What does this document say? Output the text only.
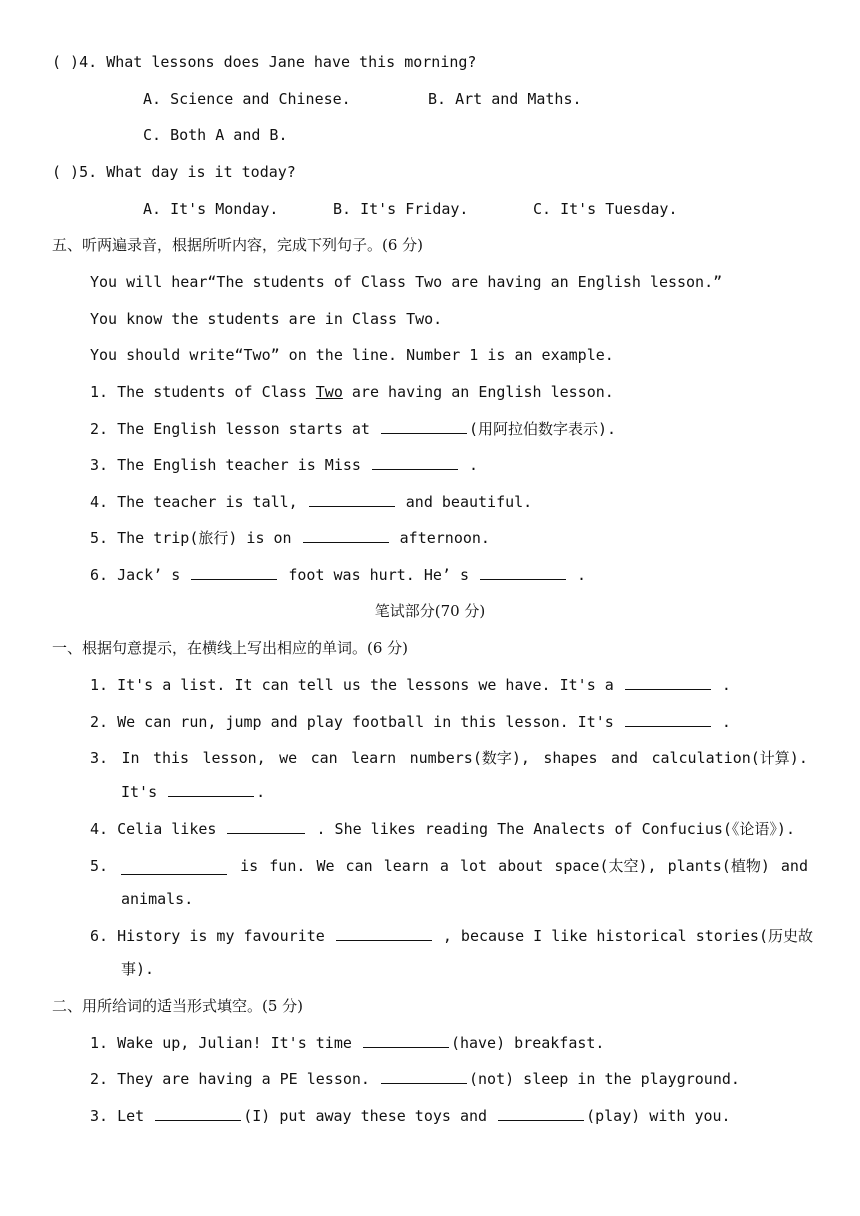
( )4. What lessons does Jane have this morning?
A. Science and Chinese.	B. Art and Maths.
C. Both A and B.
( )5. What day is it today?
A. It's Monday.	B. It's Friday.	C. It's Tuesday.
五、听两遍录音，根据所听内容，完成下列句子。(6 分)
You will hear“The students of Class Two are having an English lesson.”
You know the students are in Class Two.
You should write“Two” on the line. Number 1 is an example.
1. The students of Class Two are having an English lesson.
2. The English lesson starts at	(用阿拉伯数字表示).
3. The English teacher is Miss	.
4. The teacher is tall,	and beautiful.
5. The trip(旅行) is on	afternoon.
6. Jack’ s	foot was hurt. He’ s	.
笔试部分(70 分)
一、根据句意提示，在横线上写出相应的单词。(6 分)
1. It's a list. It can tell us the lessons we have. It's a	.
2. We can run, jump and play football in this lesson. It's	.
3. In this lesson, we can learn numbers(数字), shapes and calculation(计算).
It's	.
4. Celia likes	. She likes reading The Analects of Confucius(《论语》).
5.	is fun. We can learn a lot about space(太空), plants(植物) and
animals.
6. History is my favourite	, because I like historical stories(历史故
事).
二、用所给词的适当形式填空。(5 分)
1. Wake up, Julian! It's time	(have) breakfast.
2. They are having a PE lesson.	(not) sleep in the playground.
3. Let	(I) put away these toys and	(play) with you.
